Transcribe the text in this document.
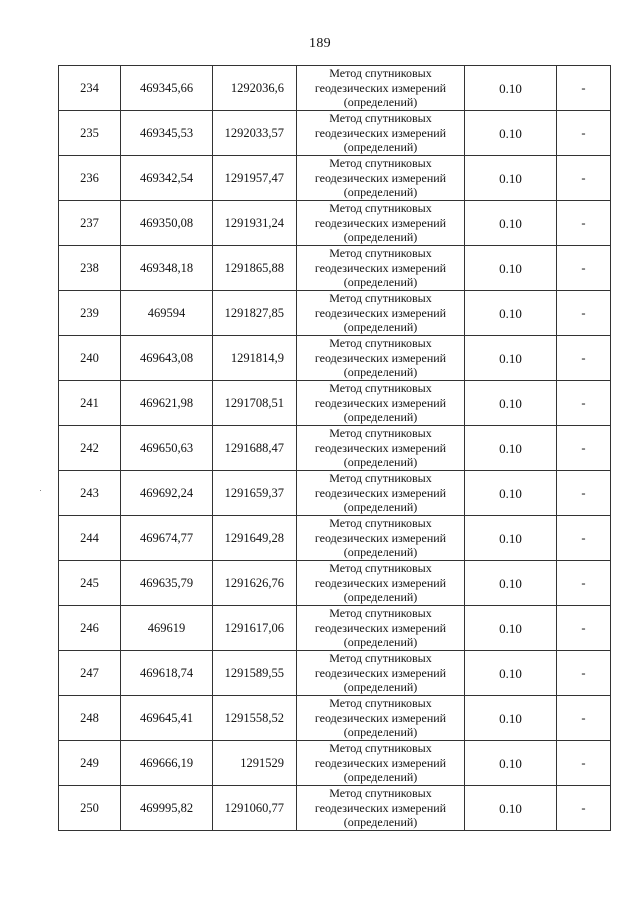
189
234	469345,66	1292036,6	Метод спутниковых
геодезических измерений
(определений)	0.10	-
235	469345,53	1292033,57	Метод спутниковых
геодезических измерений
(определений)	0.10	-
236	469342,54	1291957,47	Метод спутниковых
геодезических измерений
(определений)	0.10	-
237	469350,08	1291931,24	Метод спутниковых
геодезических измерений
(определений)	0.10	-
238	469348,18	1291865,88	Метод спутниковых
геодезических измерений
(определений)	0.10	-
239	469594	1291827,85	Метод спутниковых
геодезических измерений
(определений)	0.10	-
240	469643,08	1291814,9	Метод спутниковых
геодезических измерений
(определений)	0.10	-
241	469621,98	1291708,51	Метод спутниковых
геодезических измерений
(определений)	0.10	-
242	469650,63	1291688,47	Метод спутниковых
геодезических измерений
(определений)	0.10	-
243	469692,24	1291659,37	Метод спутниковых
геодезических измерений
(определений)	0.10	-
244	469674,77	1291649,28	Метод спутниковых
геодезических измерений
(определений)	0.10	-
245	469635,79	1291626,76	Метод спутниковых
геодезических измерений
(определений)	0.10	-
246	469619	1291617,06	Метод спутниковых
геодезических измерений
(определений)	0.10	-
247	469618,74	1291589,55	Метод спутниковых
геодезических измерений
(определений)	0.10	-
248	469645,41	1291558,52	Метод спутниковых
геодезических измерений
(определений)	0.10	-
249	469666,19	1291529	Метод спутниковых
геодезических измерений
(определений)	0.10	-
250	469995,82	1291060,77	Метод спутниковых
геодезических измерений
(определений)	0.10	-
